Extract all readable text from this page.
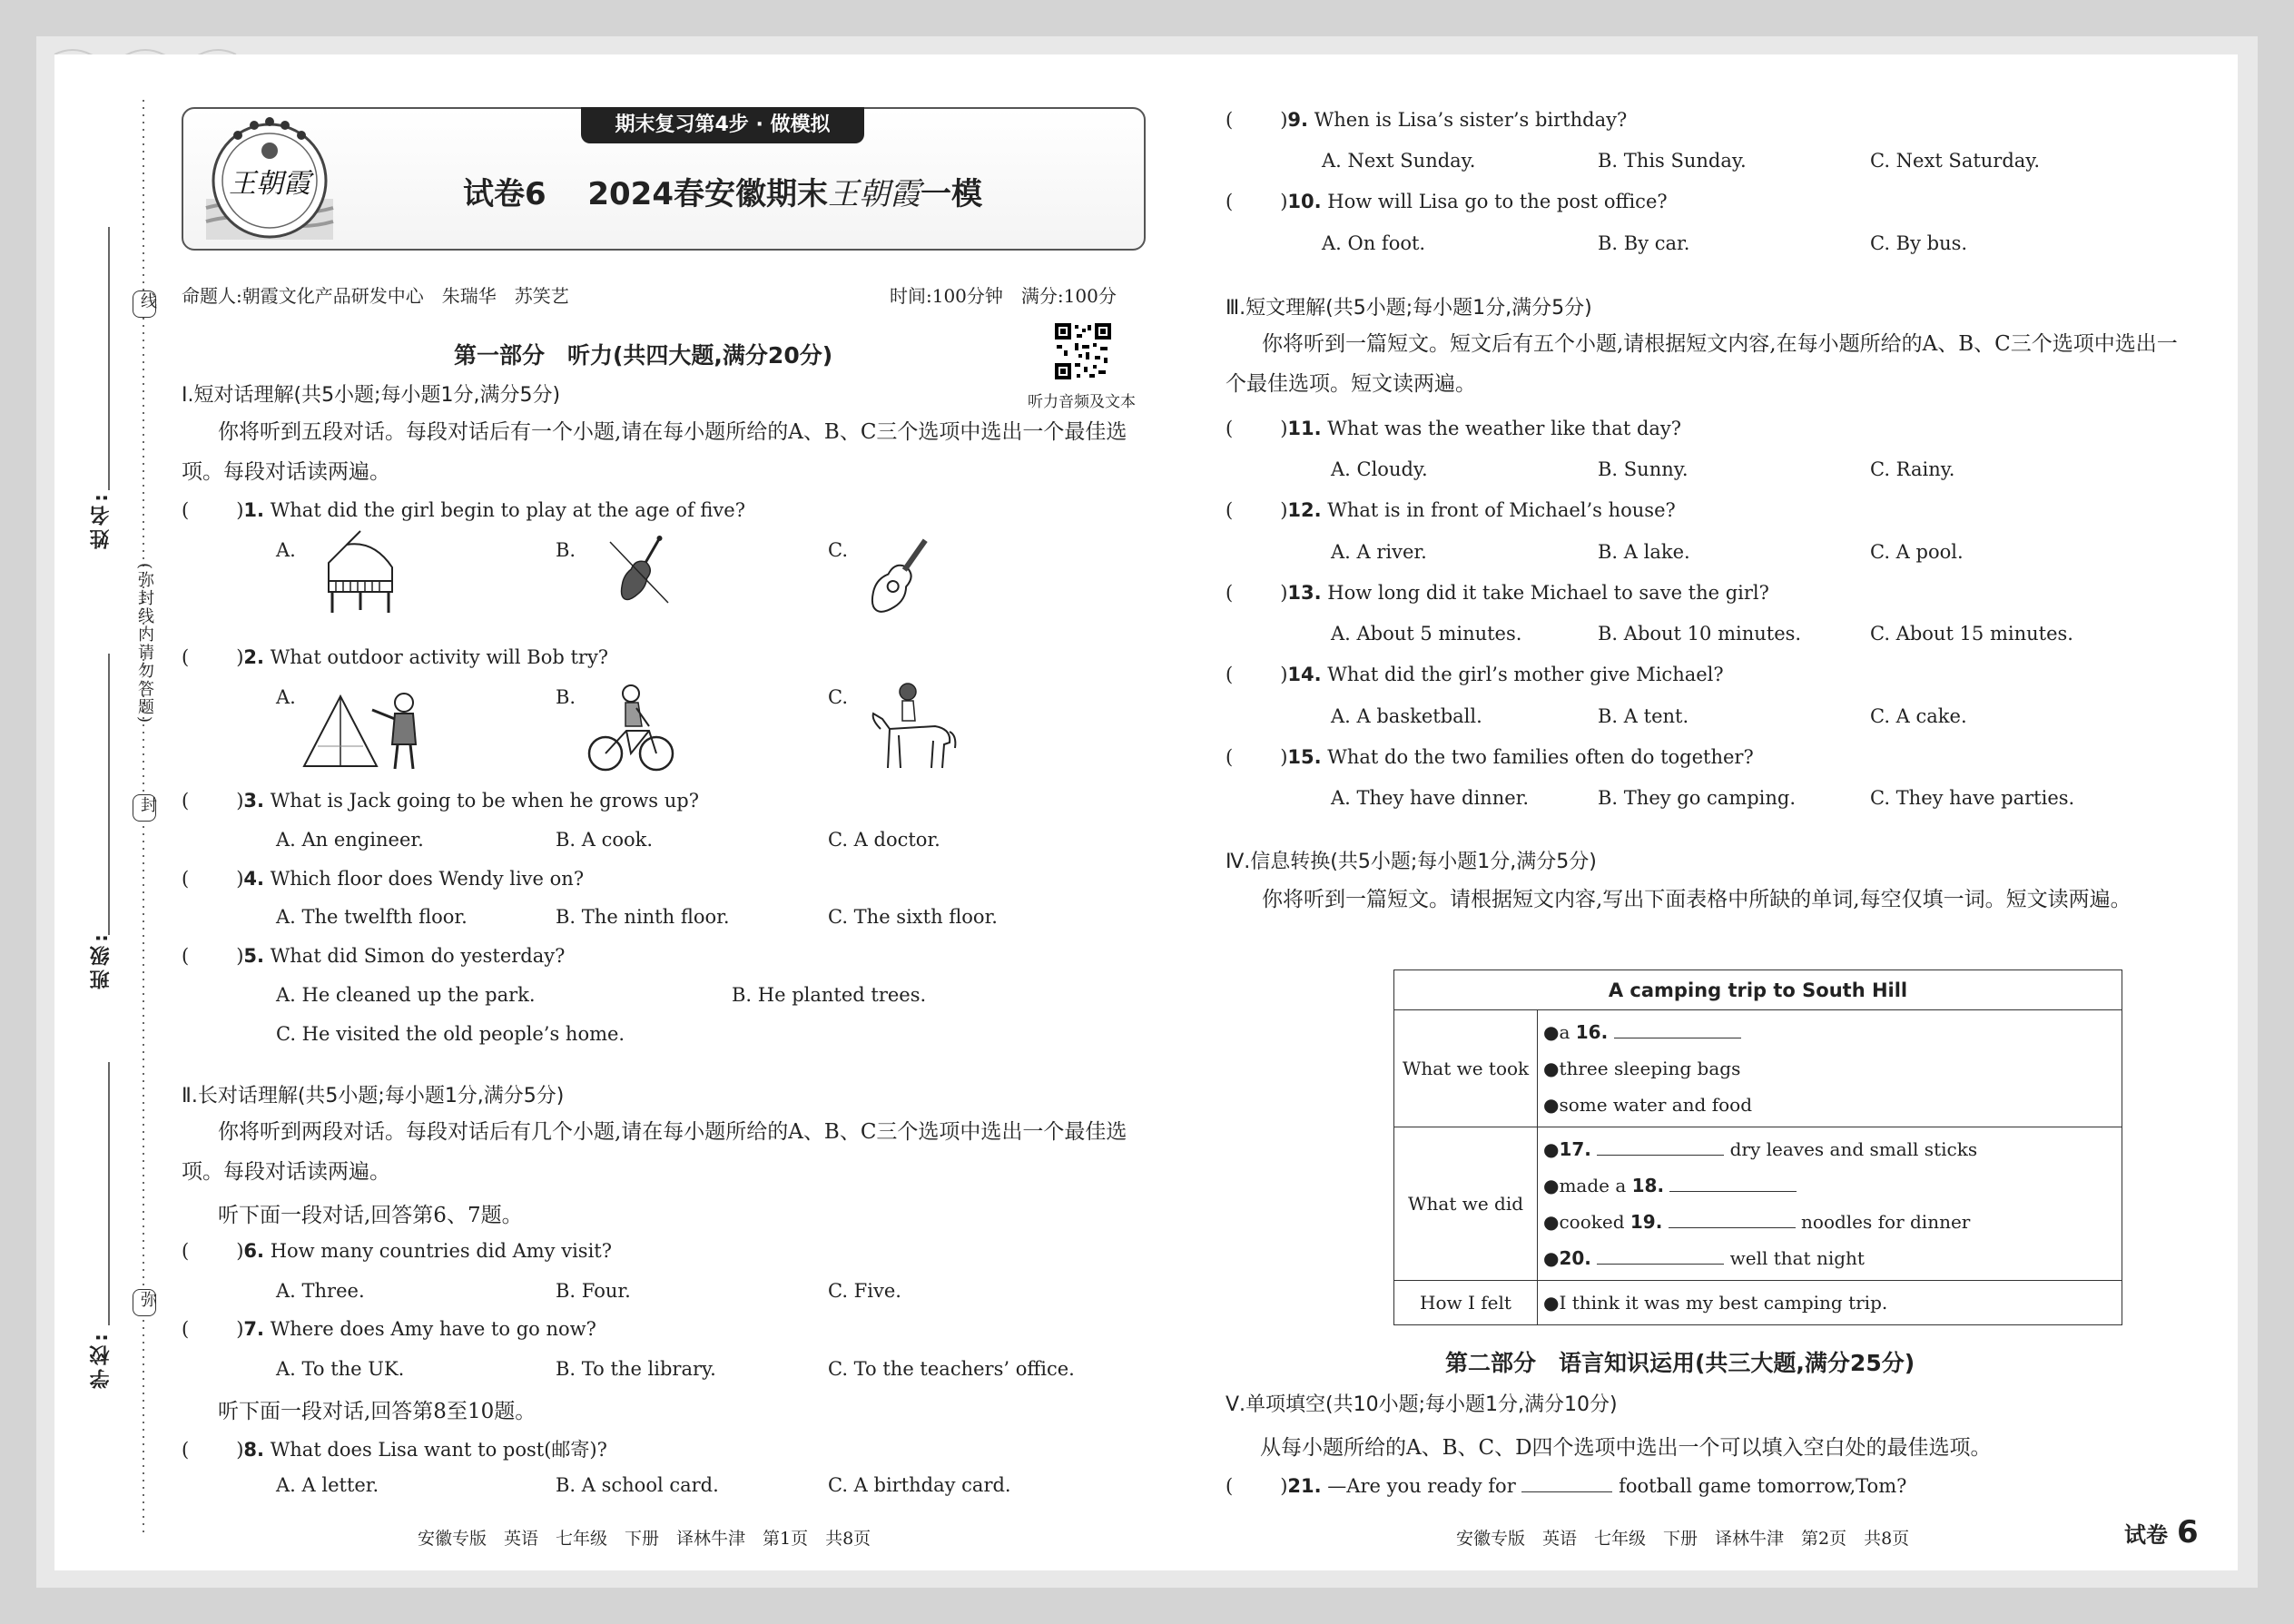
线
(弥封线内请勿答题)
封
弥
姓名:
班级:
学校:
期末复习第4步 · 做模拟
王朝霞	试卷6 2024春安徽期末王朝霞一模
命题人:朝霞文化产品研发中心　朱瑞华　苏笑艺	时间:100分钟　满分:100分
听力音频及文本
第一部分　听力(共四大题,满分20分)
Ⅰ.短对话理解(共5小题;每小题1分,满分5分)
你将听到五段对话。每段对话后有一个小题,请在每小题所给的A、B、C三个选项中选出一个最佳选项。每段对话读两遍。
( )1. What did the girl begin to play at the age of five?
A.	B.	C.
( )2. What outdoor activity will Bob try?
A.	B.	C.
( )3. What is Jack going to be when he grows up?
A. An engineer.	B. A cook.	C. A doctor.
( )4. Which floor does Wendy live on?
A. The twelfth floor.	B. The ninth floor.	C. The sixth floor.
( )5. What did Simon do yesterday?
A. He cleaned up the park.	B. He planted trees.
C. He visited the old people’s home.
Ⅱ.长对话理解(共5小题;每小题1分,满分5分)
你将听到两段对话。每段对话后有几个小题,请在每小题所给的A、B、C三个选项中选出一个最佳选项。每段对话读两遍。
听下面一段对话,回答第6、7题。
( )6. How many countries did Amy visit?
A. Three.	B. Four.	C. Five.
( )7. Where does Amy have to go now?
A. To the UK.	B. To the library.	C. To the teachers’ office.
听下面一段对话,回答第8至10题。
( )8. What does Lisa want to post(邮寄)?
A. A letter.	B. A school card.	C. A birthday card.
安徽专版　英语　七年级　下册　译林牛津　第1页　共8页
( )9. When is Lisa’s sister’s birthday?
A. Next Sunday.	B. This Sunday.	C. Next Saturday.
( )10. How will Lisa go to the post office?
A. On foot.	B. By car.	C. By bus.
Ⅲ.短文理解(共5小题;每小题1分,满分5分)
你将听到一篇短文。短文后有五个小题,请根据短文内容,在每小题所给的A、B、C三个选项中选出一个最佳选项。短文读两遍。
( )11. What was the weather like that day?
A. Cloudy.	B. Sunny.	C. Rainy.
( )12. What is in front of Michael’s house?
A. A river.	B. A lake.	C. A pool.
( )13. How long did it take Michael to save the girl?
A. About 5 minutes.	B. About 10 minutes.	C. About 15 minutes.
( )14. What did the girl’s mother give Michael?
A. A basketball.	B. A tent.	C. A cake.
( )15. What do the two families often do together?
A. They have dinner.	B. They go camping.	C. They have parties.
Ⅳ.信息转换(共5小题;每小题1分,满分5分)
你将听到一篇短文。请根据短文内容,写出下面表格中所缺的单词,每空仅填一词。短文读两遍。
A camping trip to South Hill	
What we took	●a 16.
●three sleeping bags
●some water and food

What we did	●17. dry leaves and small sticks
●made a 18.
●cooked 19. noodles for dinner
●20. well that night

How I felt	●I think it was my best camping trip.
第二部分　语言知识运用(共三大题,满分25分)
Ⅴ.单项填空(共10小题;每小题1分,满分10分)
从每小题所给的A、B、C、D四个选项中选出一个可以填入空白处的最佳选项。
( )21. —Are you ready for	football game tomorrow,Tom?
安徽专版　英语　七年级　下册　译林牛津　第2页　共8页	试卷 6
